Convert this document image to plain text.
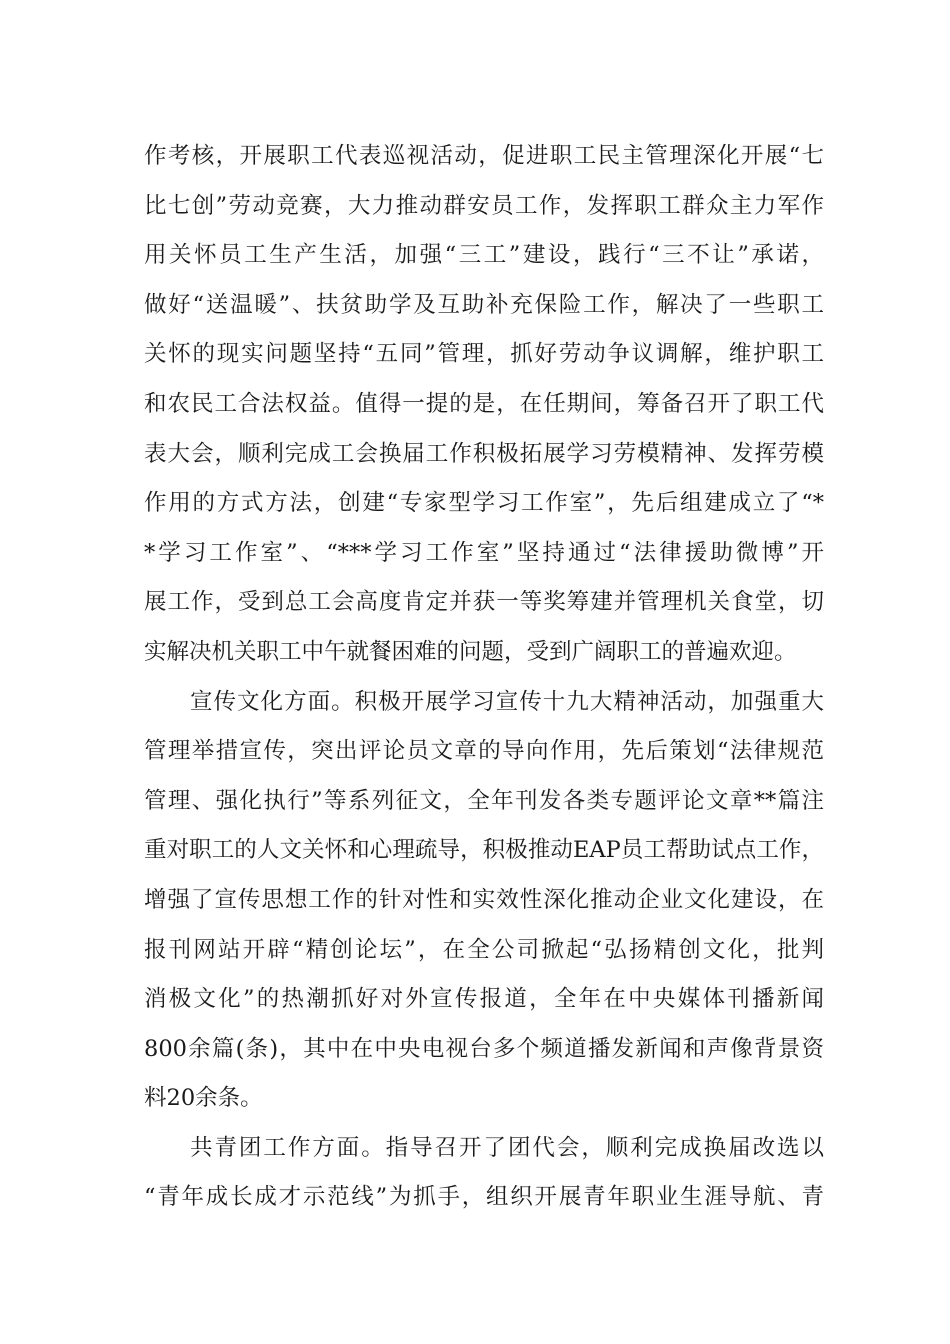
作考核，开展职工代表巡视活动，促进职工民主管理深化开展“七
比七创”劳动竞赛，大力推动群安员工作，发挥职工群众主力军作
用关怀员工生产生活，加强“三工”建设，践行“三不让”承诺，
做好“送温暖”、扶贫助学及互助补充保险工作，解决了一些职工
关怀的现实问题坚持“五同”管理，抓好劳动争议调解，维护职工
和农民工合法权益。值得一提的是，在任期间，筹备召开了职工代
表大会，顺利完成工会换届工作积极拓展学习劳模精神、发挥劳模
作用的方式方法，创建“专家型学习工作室”，先后组建成立了“*
*学习工作室”、“***学习工作室”坚持通过“法律援助微博”开
展工作，受到总工会高度肯定并获一等奖筹建并管理机关食堂，切
实解决机关职工中午就餐困难的问题，受到广阔职工的普遍欢迎。
宣传文化方面。积极开展学习宣传十九大精神活动，加强重大
管理举措宣传，突出评论员文章的导向作用，先后策划“法律规范
管理、强化执行”等系列征文，全年刊发各类专题评论文章**篇注
重对职工的人文关怀和心理疏导，积极推动EAP员工帮助试点工作，
增强了宣传思想工作的针对性和实效性深化推动企业文化建设，在
报刊网站开辟“精创论坛”，在全公司掀起“弘扬精创文化，批判
消极文化”的热潮抓好对外宣传报道，全年在中央媒体刊播新闻
800余篇(条)，其中在中央电视台多个频道播发新闻和声像背景资
料20余条。
共青团工作方面。指导召开了团代会，顺利完成换届改选以
“青年成长成才示范线”为抓手，组织开展青年职业生涯导航、青
